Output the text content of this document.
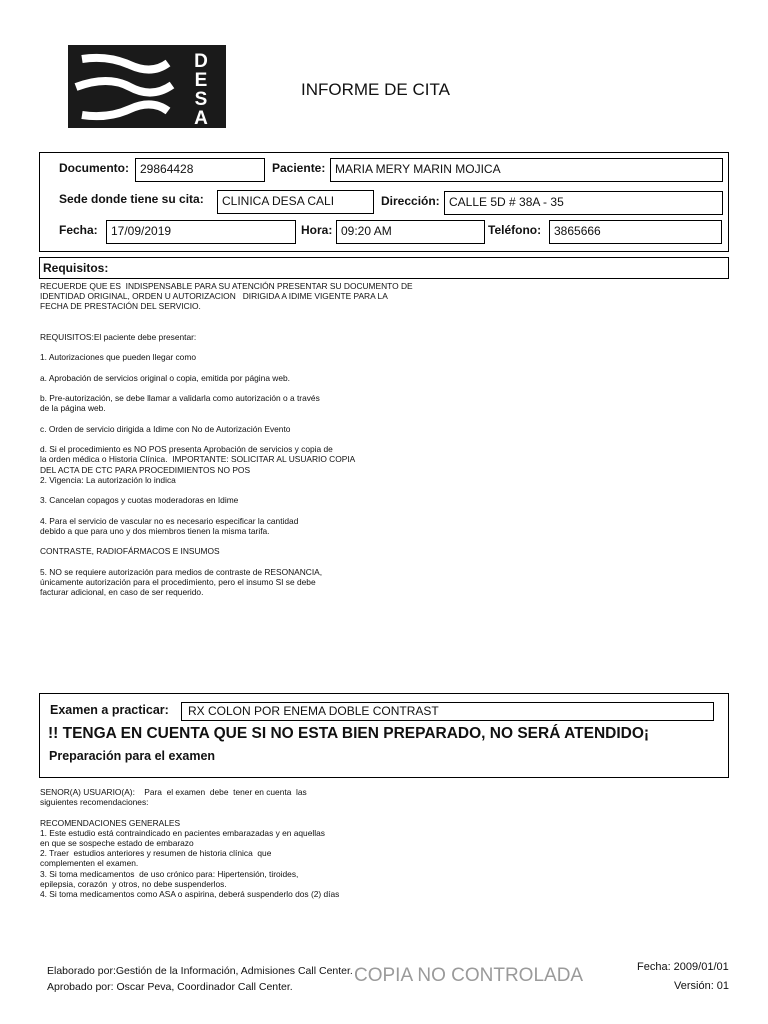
D
E
S
A
INFORME DE CITA
Documento: 29864428	Paciente: MARIA MERY MARIN MOJICA
Sede donde tiene su cita:	CLINICA DESA CALI	Dirección: CALLE 5D # 38A - 35
Fecha:	17/09/2019	Hora: 09:20 AM	Teléfono:	3865666
Requisitos:
RECUERDE QUE ES  INDISPENSABLE PARA SU ATENCIÓN PRESENTAR SU DOCUMENTO DE
IDENTIDAD ORIGINAL, ORDEN U AUTORIZACION   DIRIGIDA A IDIME VIGENTE PARA LA
FECHA DE PRESTACIÓN DEL SERVICIO.

REQUISITOS:El paciente debe presentar:

1. Autorizaciones que pueden llegar como

a. Aprobación de servicios original o copia, emitida por página web.

b. Pre-autorización, se debe llamar a validarla como autorización o a través
de la página web.

c. Orden de servicio dirigida a Idime con No de Autorización Evento

d. Si el procedimiento es NO POS presenta Aprobación de servicios y copia de
la orden médica o Historia Clínica.  IMPORTANTE: SOLICITAR AL USUARIO COPIA
DEL ACTA DE CTC PARA PROCEDIMIENTOS NO POS
2. Vigencia: La autorización lo indica

3. Cancelan copagos y cuotas moderadoras en Idime

4. Para el servicio de vascular no es necesario especificar la cantidad
debido a que para uno y dos miembros tienen la misma tarifa.

CONTRASTE, RADIOFÁRMACOS E INSUMOS

5. NO se requiere autorización para medios de contraste de RESONANCIA,
únicamente autorización para el procedimiento, pero el insumo SI se debe
facturar adicional, en caso de ser requerido.
Examen a practicar:	RX COLON POR ENEMA DOBLE CONTRAST
!! TENGA EN CUENTA QUE SI NO ESTA BIEN PREPARADO, NO SERÁ ATENDIDO¡
Preparación para el examen
SENOR(A) USUARIO(A):    Para  el examen  debe  tener en cuenta  las
siguientes recomendaciones:

RECOMENDACIONES GENERALES
1. Este estudio está contraindicado en pacientes embarazadas y en aquellas
en que se sospeche estado de embarazo
2. Traer  estudios anteriores y resumen de historia clínica  que
complementen el examen.
3. Si toma medicamentos  de uso crónico para: Hipertensión, tiroides,
epilepsia, corazón  y otros, no debe suspenderlos.
4. Si toma medicamentos como ASA o aspirina, deberá suspenderlo dos (2) días
Elaborado por:Gestión de la Información, Admisiones Call Center.
Aprobado por: Oscar Peva, Coordinador Call Center.
COPIA NO CONTROLADA	Fecha: 2009/01/01
Versión: 01
